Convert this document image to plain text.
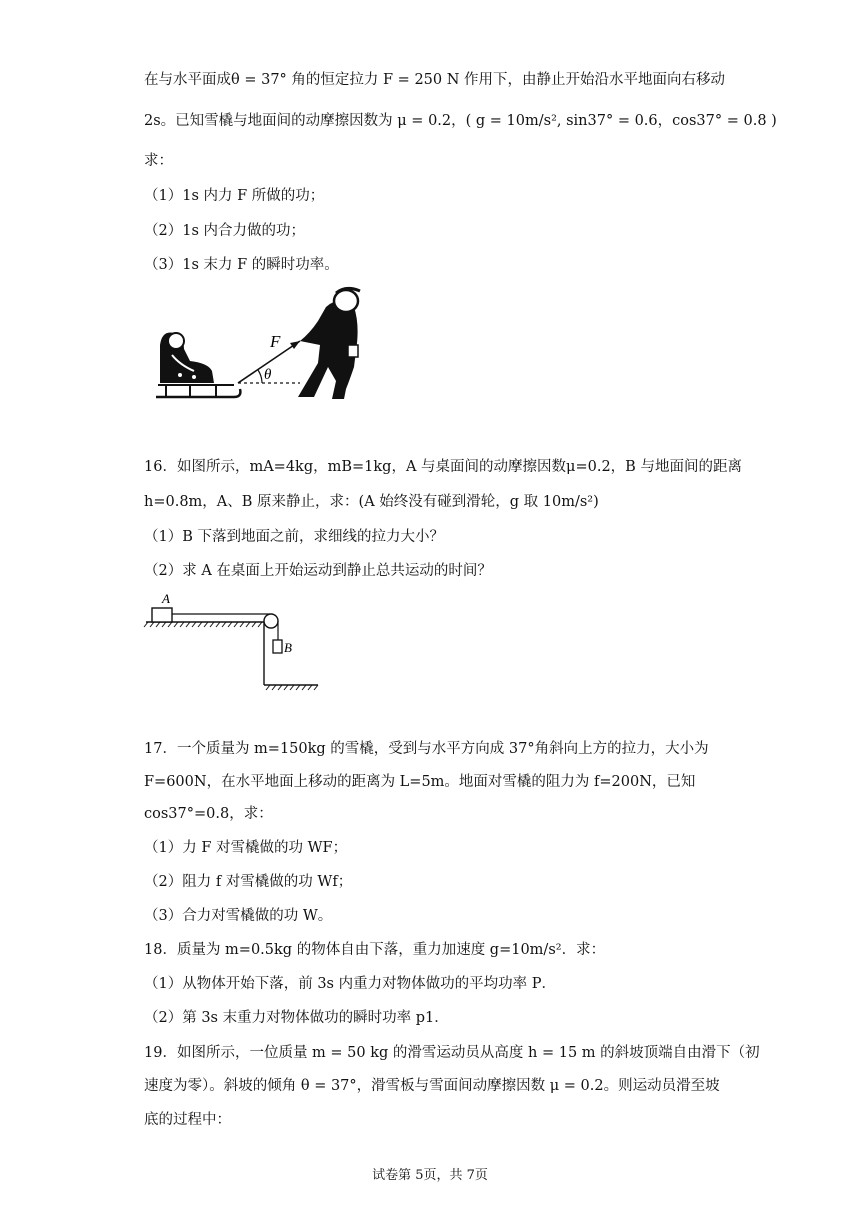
在与水平面成θ = 37° 角的恒定拉力 F = 250 N 作用下，由静止开始沿水平地面向右移动
2s。已知雪橇与地面间的动摩擦因数为 μ = 0.2，( g = 10m/s², sin37° = 0.6，cos37° = 0.8 )
求：
（1）1s 内力 F 所做的功；
（2）1s 内合力做的功；
（3）1s 末力 F 的瞬时功率。
θ
F
16．如图所示，mA=4kg，mB=1kg，A 与桌面间的动摩擦因数μ=0.2，B 与地面间的距离
h=0.8m，A、B 原来静止，求：(A 始终没有碰到滑轮，g 取 10m/s²)
（1）B 下落到地面之前，求细线的拉力大小？
（2）求 A 在桌面上开始运动到静止总共运动的时间？
A
B
17．一个质量为 m=150kg 的雪橇，受到与水平方向成 37°角斜向上方的拉力，大小为
F=600N，在水平地面上移动的距离为 L=5m。地面对雪橇的阻力为 f=200N，已知
cos37°=0.8，求：
（1）力 F 对雪橇做的功 WF；
（2）阻力 f 对雪橇做的功 Wf；
（3）合力对雪橇做的功 W。
18．质量为 m=0.5kg 的物体自由下落，重力加速度 g=10m/s²．求：
（1）从物体开始下落，前 3s 内重力对物体做功的平均功率 P．
（2）第 3s 末重力对物体做功的瞬时功率 p1．
19．如图所示，一位质量 m = 50 kg 的滑雪运动员从高度 h = 15 m 的斜坡顶端自由滑下（初
速度为零）。斜坡的倾角 θ = 37°，滑雪板与雪面间动摩擦因数 μ = 0.2。则运动员滑至坡
底的过程中：
试卷第 5页，共 7页
